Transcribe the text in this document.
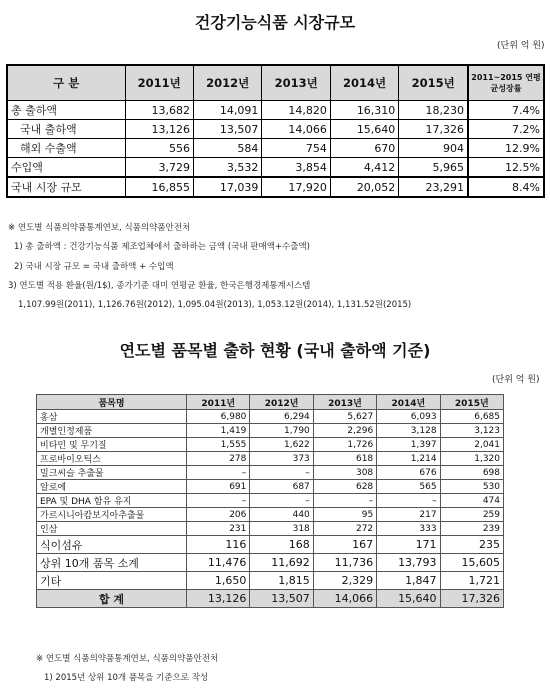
건강기능식품 시장규모
(단위 억 원)
구 분	2011년	2012년	2013년	2014년	2015년	2011~2015 연평균성장률
총 출하액	13,682	14,091	14,820	16,310	18,230	7.4%
국내 출하액	13,126	13,507	14,066	15,640	17,326	7.2%
해외 수출액	556	584	754	670	904	12.9%
수입액	3,729	3,532	3,854	4,412	5,965	12.5%
국내 시장 규모	16,855	17,039	17,920	20,052	23,291	8.4%
※ 연도별 식품의약품통계연보, 식품의약품안전처
1) 총 출하액 : 건강기능식품 제조업체에서 출하하는 금액 (국내 판매액+수출액)
2) 국내 시장 규모 = 국내 출하액 + 수입액
3) 연도별 적용 환율(원/1$), 종가기준 대미 연평균 환율, 한국은행경제통계시스템
1,107.99원(2011), 1,126.76원(2012), 1,095.04원(2013), 1,053.12원(2014), 1,131.52원(2015)
연도별 품목별 출하 현황 (국내 출하액 기준)
(단위 억 원)
품목명	2011년	2012년	2013년	2014년	2015년
홍삼	6,980	6,294	5,627	6,093	6,685
개별인정제품	1,419	1,790	2,296	3,128	3,123
비타민 및 무기질	1,555	1,622	1,726	1,397	2,041
프로바이오틱스	278	373	618	1,214	1,320
밀크씨슬 추출물	–	–	308	676	698
알로에	691	687	628	565	530
EPA 및 DHA 함유 유지	–	–	–	–	474
가르시니아캄보지아추출물	206	440	95	217	259
인삼	231	318	272	333	239
식이섬유	116	168	167	171	235
상위 10개 품목 소계	11,476	11,692	11,736	13,793	15,605
기타	1,650	1,815	2,329	1,847	1,721
합 계	13,126	13,507	14,066	15,640	17,326
※ 연도별 식품의약품통계연보, 식품의약품안전처
1) 2015년 상위 10개 품목을 기준으로 작성
